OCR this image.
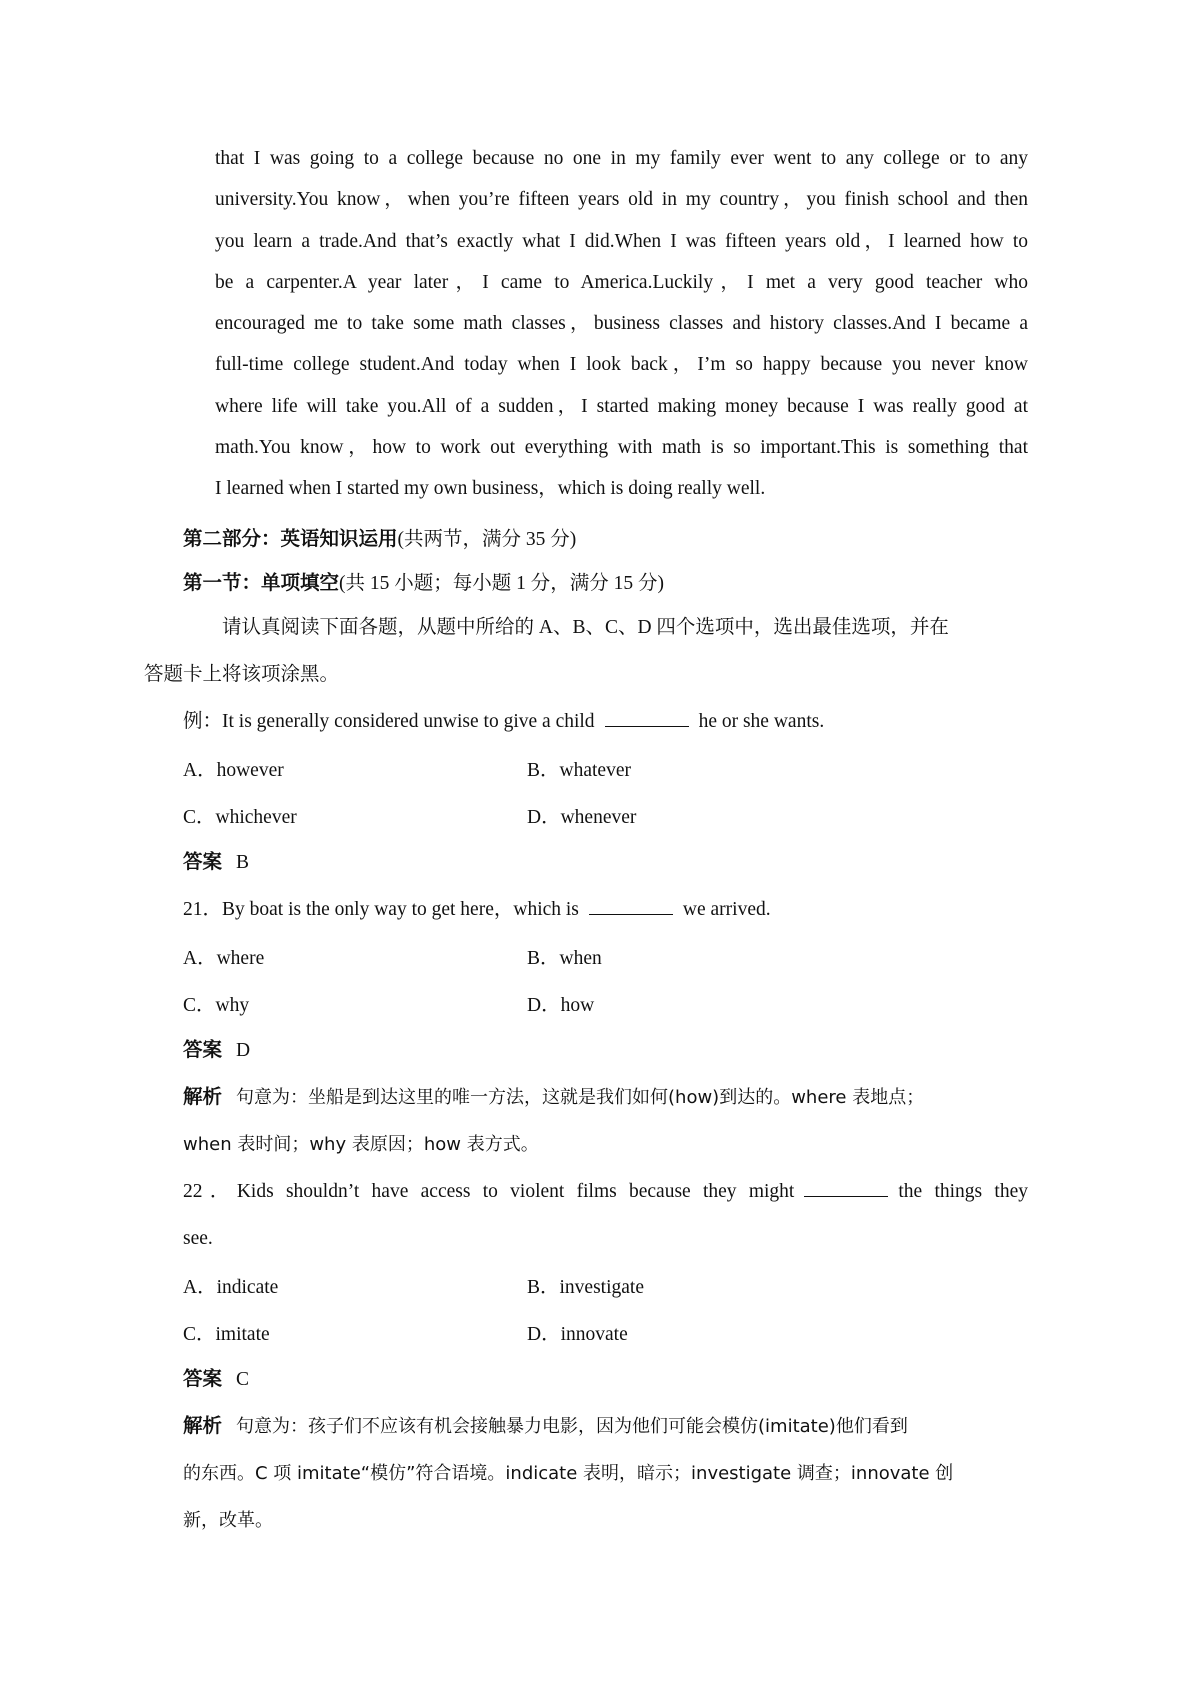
that I was going to a college because no one in my family ever went to any college or to any
university.You know，when you’re fifteen years old in my country，you finish school and then
you learn a trade.And that’s exactly what I did.When I was fifteen years old，I learned how to
be a carpenter.A year later，I came to America.Luckily，I met a very good teacher who
encouraged me to take some math classes，business classes and history classes.And I became a
full-time college student.And today when I look back，I’m so happy because you never know
where life will take you.All of a sudden，I started making money because I was really good at
math.You know，how to work out everything with math is so important.This is something that
I learned when I started my own business，which is doing really well.

第二部分：英语知识运用(共两节，满分 35 分)

第一节：单项填空(共 15 小题；每小题 1 分，满分 15 分)

请认真阅读下面各题，从题中所给的 A、B、C、D 四个选项中，选出最佳选项，并在
答题卡上将该项涂黑。

例：It is generally considered unwise to give a child	he or she wants.

A．however	B．whatever
C．whichever	D．whenever

答案 B

21．By boat is the only way to get here，which is	we arrived.

A．where	B．when
C．why	D．how

答案 D

解析 句意为：坐船是到达这里的唯一方法，这就是我们如何(how)到达的。where 表地点；
when 表时间；why 表原因；how 表方式。

22．Kids shouldn’t have access to violent films because they might	the things they

see.

A．indicate	B．investigate
C．imitate	D．innovate

答案 C

解析 句意为：孩子们不应该有机会接触暴力电影，因为他们可能会模仿(imitate)他们看到
的东西。C 项 imitate“模仿”符合语境。indicate 表明，暗示；investigate 调查；innovate 创
新，改革。
